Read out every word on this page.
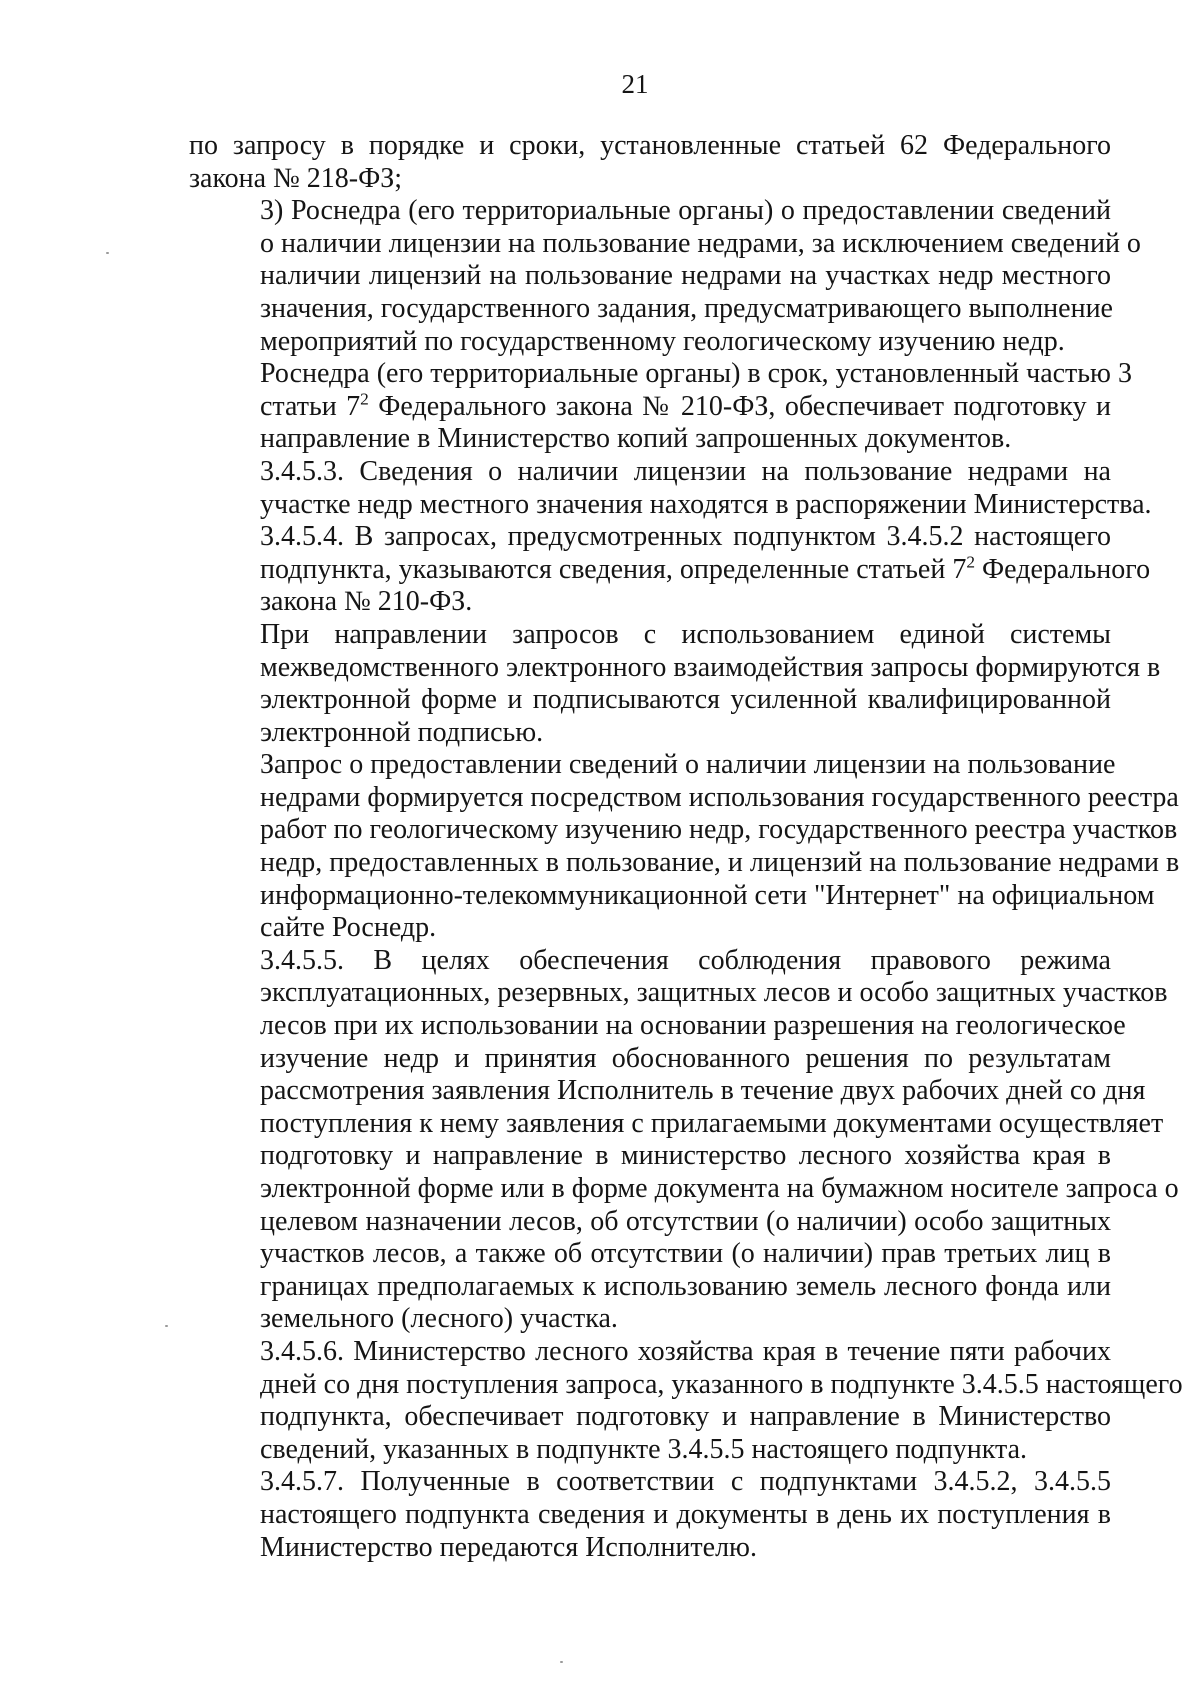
21

по запросу в порядке и сроки, установленные статьей 62 Федерального
закона № 218-ФЗ;

3) Роснедра (его территориальные органы) о предоставлении сведений
о наличии лицензии на пользование недрами, за исключением сведений о
наличии лицензий на пользование недрами на участках недр местного
значения, государственного задания, предусматривающего выполнение
мероприятий по государственному геологическому изучению недр.

Роснедра (его территориальные органы) в срок, установленный частью 3
статьи $7^2$ Федерального закона № 210-ФЗ, обеспечивает подготовку и
направление в Министерство копий запрошенных документов.

3.4.5.3. Сведения о наличии лицензии на пользование недрами на
участке недр местного значения находятся в распоряжении Министерства.

3.4.5.4. В запросах, предусмотренных подпунктом 3.4.5.2 настоящего
подпункта, указываются сведения, определенные статьей $7^2$ Федерального
закона № 210-ФЗ.

При направлении запросов с использованием единой системы
межведомственного электронного взаимодействия запросы формируются в
электронной форме и подписываются усиленной квалифицированной
электронной подписью.

Запрос о предоставлении сведений о наличии лицензии на пользование
недрами формируется посредством использования государственного реестра
работ по геологическому изучению недр, государственного реестра участков
недр, предоставленных в пользование, и лицензий на пользование недрами в
информационно-телекоммуникационной сети "Интернет" на официальном
сайте Роснедр.

3.4.5.5. В целях обеспечения соблюдения правового режима
эксплуатационных, резервных, защитных лесов и особо защитных участков
лесов при их использовании на основании разрешения на геологическое
изучение недр и принятия обоснованного решения по результатам
рассмотрения заявления Исполнитель в течение двух рабочих дней со дня
поступления к нему заявления с прилагаемыми документами осуществляет
подготовку и направление в министерство лесного хозяйства края в
электронной форме или в форме документа на бумажном носителе запроса о
целевом назначении лесов, об отсутствии (о наличии) особо защитных
участков лесов, а также об отсутствии (о наличии) прав третьих лиц в
границах предполагаемых к использованию земель лесного фонда или
земельного (лесного) участка.

3.4.5.6. Министерство лесного хозяйства края в течение пяти рабочих
дней со дня поступления запроса, указанного в подпункте 3.4.5.5 настоящего
подпункта, обеспечивает подготовку и направление в Министерство
сведений, указанных в подпункте 3.4.5.5 настоящего подпункта.

3.4.5.7. Полученные в соответствии с подпунктами 3.4.5.2, 3.4.5.5
настоящего подпункта сведения и документы в день их поступления в
Министерство передаются Исполнителю.
